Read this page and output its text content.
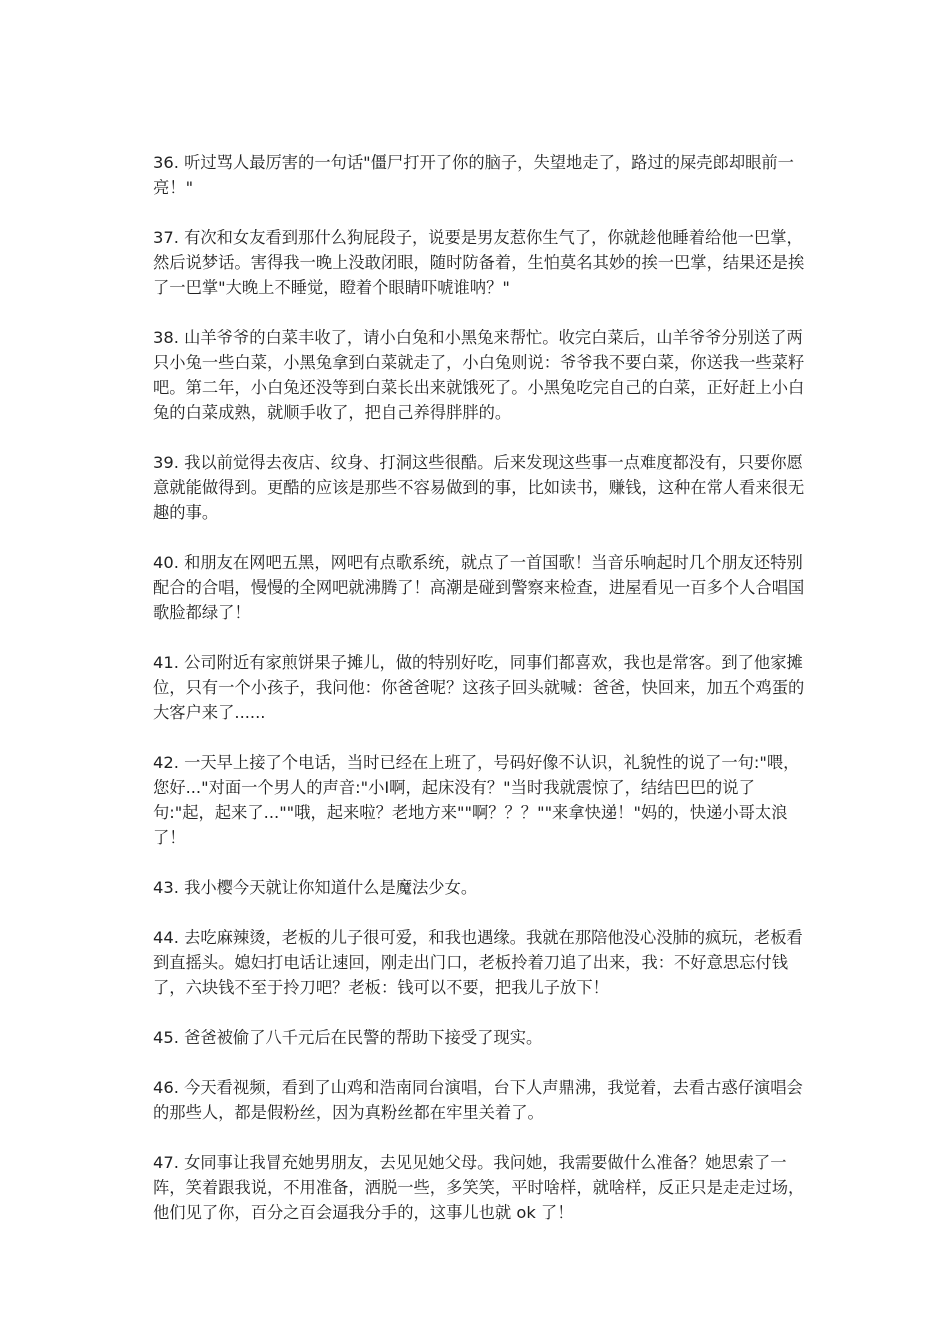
36. 听过骂人最厉害的一句话"僵尸打开了你的脑子，失望地走了，路过的屎壳郎却眼前一亮！"

37. 有次和女友看到那什么狗屁段子，说要是男友惹你生气了，你就趁他睡着给他一巴掌，然后说梦话。害得我一晚上没敢闭眼，随时防备着，生怕莫名其妙的挨一巴掌，结果还是挨了一巴掌"大晚上不睡觉，瞪着个眼睛吓唬谁呐？"

38. 山羊爷爷的白菜丰收了，请小白兔和小黑兔来帮忙。收完白菜后，山羊爷爷分别送了两只小兔一些白菜，小黑兔拿到白菜就走了，小白兔则说：爷爷我不要白菜，你送我一些菜籽吧。第二年，小白兔还没等到白菜长出来就饿死了。小黑兔吃完自己的白菜，正好赶上小白兔的白菜成熟，就顺手收了，把自己养得胖胖的。

39. 我以前觉得去夜店、纹身、打洞这些很酷。后来发现这些事一点难度都没有，只要你愿意就能做得到。更酷的应该是那些不容易做到的事，比如读书，赚钱，这种在常人看来很无趣的事。

40. 和朋友在网吧五黑，网吧有点歌系统，就点了一首国歌！当音乐响起时几个朋友还特别配合的合唱，慢慢的全网吧就沸腾了！高潮是碰到警察来检查，进屋看见一百多个人合唱国歌脸都绿了！

41. 公司附近有家煎饼果子摊儿，做的特别好吃，同事们都喜欢，我也是常客。到了他家摊位，只有一个小孩子，我问他：你爸爸呢？这孩子回头就喊：爸爸，快回来，加五个鸡蛋的大客户来了......

42. 一天早上接了个电话，当时已经在上班了，号码好像不认识，礼貌性的说了一句:"喂，您好..."对面一个男人的声音:"小I啊，起床没有？"当时我就震惊了，结结巴巴的说了句:"起，起来了...""哦，起来啦？老地方来""啊？？？""来拿快递！"妈的，快递小哥太浪了！

43. 我小樱今天就让你知道什么是魔法少女。

44. 去吃麻辣烫，老板的儿子很可爱，和我也遇缘。我就在那陪他没心没肺的疯玩，老板看到直摇头。媳妇打电话让速回，刚走出门口，老板拎着刀追了出来，我：不好意思忘付钱了，六块钱不至于拎刀吧？老板：钱可以不要，把我儿子放下！

45. 爸爸被偷了八千元后在民警的帮助下接受了现实。

46. 今天看视频，看到了山鸡和浩南同台演唱，台下人声鼎沸，我觉着，去看古惑仔演唱会的那些人，都是假粉丝，因为真粉丝都在牢里关着了。

47. 女同事让我冒充她男朋友，去见见她父母。我问她，我需要做什么准备？她思索了一阵，笑着跟我说，不用准备，洒脱一些，多笑笑，平时啥样，就啥样，反正只是走走过场，他们见了你，百分之百会逼我分手的，这事儿也就 ok 了！
